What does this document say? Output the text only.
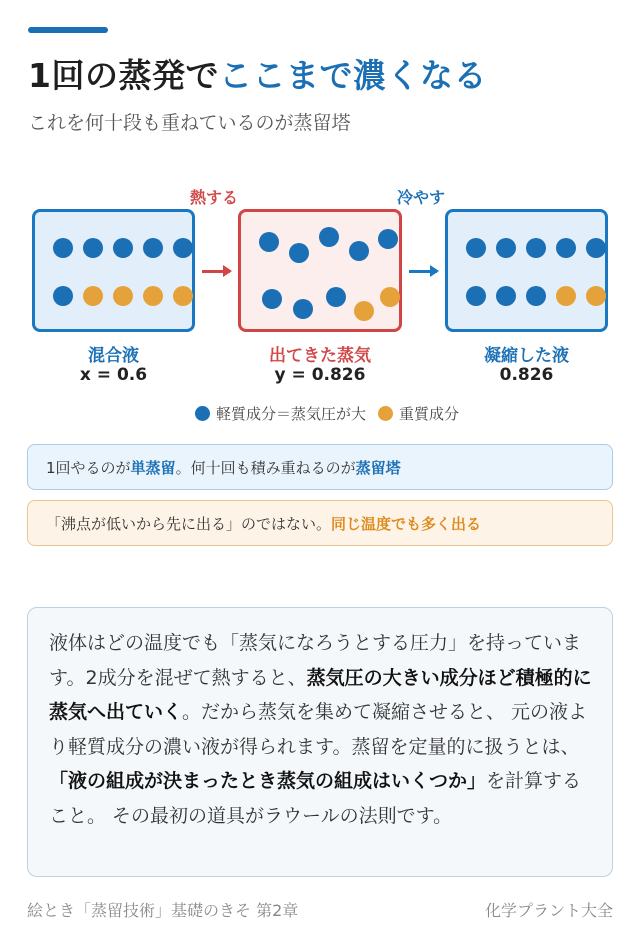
1回の蒸発でここまで濃くなる
これを何十段も重ねているのが蒸留塔
熱する	冷やす
混合液
x = 0.6
出てきた蒸気
y = 0.826
凝縮した液
0.826
軽質成分＝蒸気圧が大 重質成分
1回やるのが 単蒸留 。何十回も積み重ねるのが 蒸留塔
「沸点が低いから先に出る」のではない。 同じ温度でも多く出る
液体はどの温度でも「蒸気になろうとする圧力」を持っています。2成分を混ぜて熱すると、蒸気圧の大きい成分ほど積極的に蒸気へ出ていく。だから蒸気を集めて凝縮させると、 元の液より軽質成分の濃い液が得られます。蒸留を定量的に扱うとは、「液の組成が決まったとき蒸気の組成はいくつか」を計算すること。 その最初の道具がラウールの法則です。
絵とき「蒸留技術」基礎のきそ 第2章	化学プラント大全
